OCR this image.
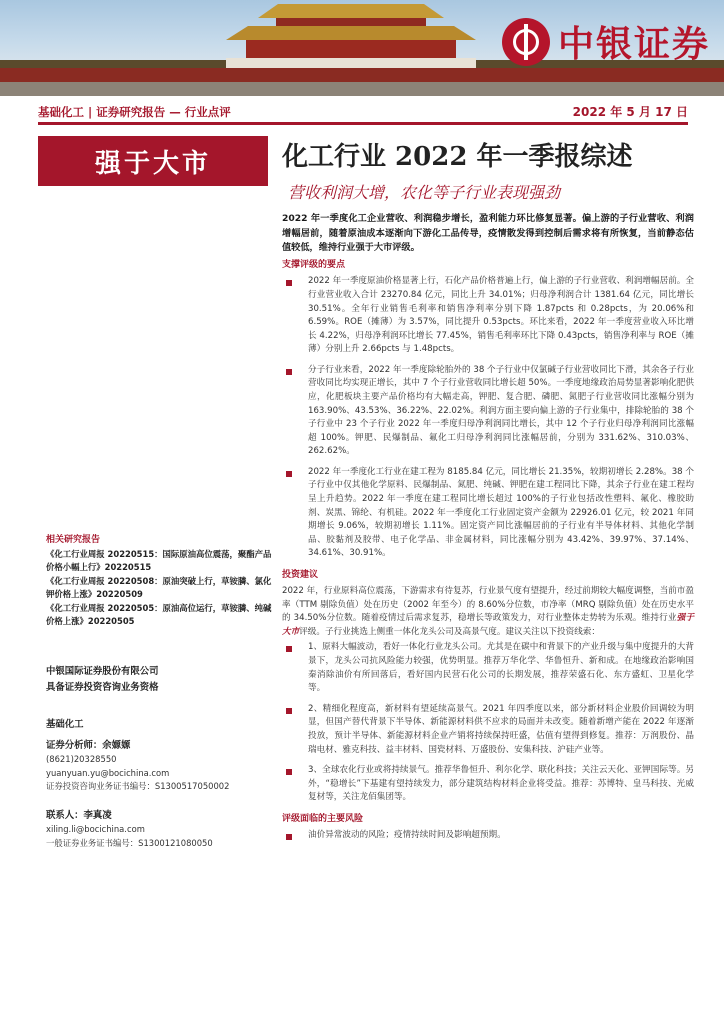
中银证券
基础化工 | 证券研究报告 — 行业点评	2022 年 5 月 17 日
强于大市	化工行业 2022 年一季报综述
营收利润大增，农化等子行业表现强劲
2022 年一季度化工企业营收、利润稳步增长，盈利能力环比修复显著。偏上游的子行业营收、利润增幅居前，随着原油成本逐渐向下游化工品传导，疫情散发得到控制后需求将有所恢复，当前静态估值较低，维持行业强于大市评级。
支撑评级的要点
2022 年一季度原油价格显著上行，石化产品价格普遍上行，偏上游的子行业营收、利润增幅居前。全行业营业收入合计 23270.84 亿元，同比上升 34.01%；归母净利润合计 1381.64 亿元，同比增长 30.51%。全年行业销售毛利率和销售净利率分别下降 1.87pcts 和 0.28pcts，为 20.06%和 6.59%。ROE（摊薄）为 3.57%，同比提升 0.53pcts。环比来看，2022 年一季度营业收入环比增长 4.22%，归母净利润环比增长 77.45%，销售毛利率环比下降 0.43pcts，销售净利率与 ROE（摊薄）分别上升 2.66pcts 与 1.48pcts。
分子行业来看，2022 年一季度除轮胎外的 38 个子行业中仅氯碱子行业营收同比下滑，其余各子行业营收同比均实现正增长，其中 7 个子行业营收同比增长超 50%。一季度地缘政治局势显著影响化肥供应，化肥板块主要产品价格均有大幅走高，钾肥、复合肥、磷肥、氮肥子行业营收同比涨幅分别为 163.90%、43.53%、36.22%、22.02%。利润方面主要向偏上游的子行业集中，排除轮胎的 38 个子行业中 23 个子行业 2022 年一季度归母净利润同比增长，其中 12 个子行业归母净利润同比涨幅超 100%。钾肥、民爆制品、氟化工归母净利润同比涨幅居前，分别为 331.62%、310.03%、262.62%。
2022 年一季度化工行业在建工程为 8185.84 亿元，同比增长 21.35%，较期初增长 2.28%。38 个子行业中仅其他化学原料、民爆制品、氮肥、纯碱、钾肥在建工程同比下降，其余子行业在建工程均呈上升趋势。2022 年一季度在建工程同比增长超过 100%的子行业包括改性塑料、氟化、橡胶助剂、炭黑、锦纶、有机硅。2022 年一季度化工行业固定资产金额为 22926.01 亿元，较 2021 年同期增长 9.06%，较期初增长 1.11%。固定资产同比涨幅居前的子行业有半导体材料、其他化学制品、胶黏剂及胶带、电子化学品、非金属材料，同比涨幅分别为 43.42%、39.97%、37.14%、34.61%、30.91%。
投资建议
2022 年，行业原料高位震荡，下游需求有待复苏，行业景气度有望提升，经过前期较大幅度调整，当前市盈率（TTM 剔除负值）处在历史（2002 年至今）的 8.60%分位数，市净率（MRQ 剔除负值）处在历史水平的 34.50%分位数。随着疫情过后需求复苏，稳增长等政策发力，对行业整体走势转为乐观。维持行业强于大市评级。子行业挑选上侧重一体化龙头公司及高景气度。建议关注以下投资线索：
1、原料大幅波动，看好一体化行业龙头公司。尤其是在碳中和背景下的产业升级与集中度提升的大背景下，龙头公司抗风险能力较强，优势明显。推荐万华化学、华鲁恒升、新和成。在地缘政治影响国秦消除油价有所回落后，看好国内民营石化公司的长期发展，推荐荣盛石化、东方盛虹、卫星化学等。
2、精细化程度高，新材料有望延续高景气。2021 年四季度以来，部分新材料企业股价回调较为明显，但国产替代背景下半导体、新能源材料供不应求的局面并未改变。随着新增产能在 2022 年逐渐投放，预计半导体、新能源材料企业产销将持续保持旺盛，估值有望得到修复。推荐：万润股份、晶瑞电材、雅克科技、益丰材料、国瓷材料、万盛股份、安集科技、沪硅产业等。
3、全球农化行业或将持续景气。推荐华鲁恒升、利尔化学、联化科技；关注云天化、亚钾国际等。另外，“稳增长”下基建有望持续发力，部分建筑结构材料企业将受益。推荐：苏博特、皇马科技、光威复材等，关注龙佰集团等。
评级面临的主要风险
油价异常波动的风险；疫情持续时间及影响超预期。
相关研究报告
《化工行业周报 20220515：国际原油高位震荡，聚酯产品价格小幅上行》20220515
《化工行业周报 20220508：原油突破上行，草铵膦、氯化钾价格上涨》20220509
《化工行业周报 20220505：原油高位运行，草铵膦、纯碱价格上涨》20220505
中银国际证券股份有限公司
具备证券投资咨询业务资格
基础化工
证券分析师：余嫄嫄
(8621)20328550
yuanyuan.yu@bocichina.com
证券投资咨询业务证书编号：S1300517050002
联系人：李真凌
xiling.li@bocichina.com
一般证券业务证书编号：S1300121080050
